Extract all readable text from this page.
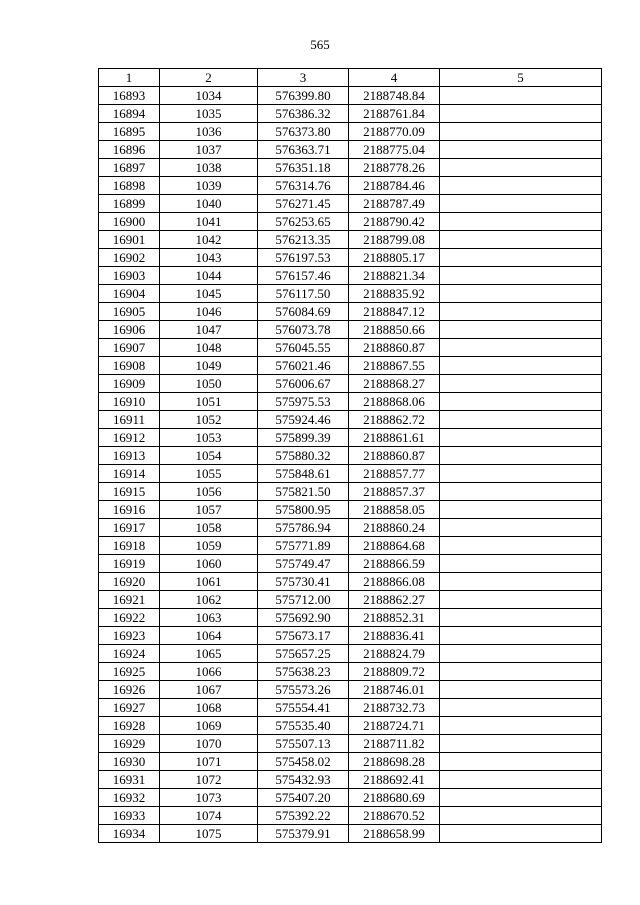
565
1	2	3	4	5
16893	1034	576399.80	2188748.84	
16894	1035	576386.32	2188761.84	
16895	1036	576373.80	2188770.09	
16896	1037	576363.71	2188775.04	
16897	1038	576351.18	2188778.26	
16898	1039	576314.76	2188784.46	
16899	1040	576271.45	2188787.49	
16900	1041	576253.65	2188790.42	
16901	1042	576213.35	2188799.08	
16902	1043	576197.53	2188805.17	
16903	1044	576157.46	2188821.34	
16904	1045	576117.50	2188835.92	
16905	1046	576084.69	2188847.12	
16906	1047	576073.78	2188850.66	
16907	1048	576045.55	2188860.87	
16908	1049	576021.46	2188867.55	
16909	1050	576006.67	2188868.27	
16910	1051	575975.53	2188868.06	
16911	1052	575924.46	2188862.72	
16912	1053	575899.39	2188861.61	
16913	1054	575880.32	2188860.87	
16914	1055	575848.61	2188857.77	
16915	1056	575821.50	2188857.37	
16916	1057	575800.95	2188858.05	
16917	1058	575786.94	2188860.24	
16918	1059	575771.89	2188864.68	
16919	1060	575749.47	2188866.59	
16920	1061	575730.41	2188866.08	
16921	1062	575712.00	2188862.27	
16922	1063	575692.90	2188852.31	
16923	1064	575673.17	2188836.41	
16924	1065	575657.25	2188824.79	
16925	1066	575638.23	2188809.72	
16926	1067	575573.26	2188746.01	
16927	1068	575554.41	2188732.73	
16928	1069	575535.40	2188724.71	
16929	1070	575507.13	2188711.82	
16930	1071	575458.02	2188698.28	
16931	1072	575432.93	2188692.41	
16932	1073	575407.20	2188680.69	
16933	1074	575392.22	2188670.52	
16934	1075	575379.91	2188658.99	
